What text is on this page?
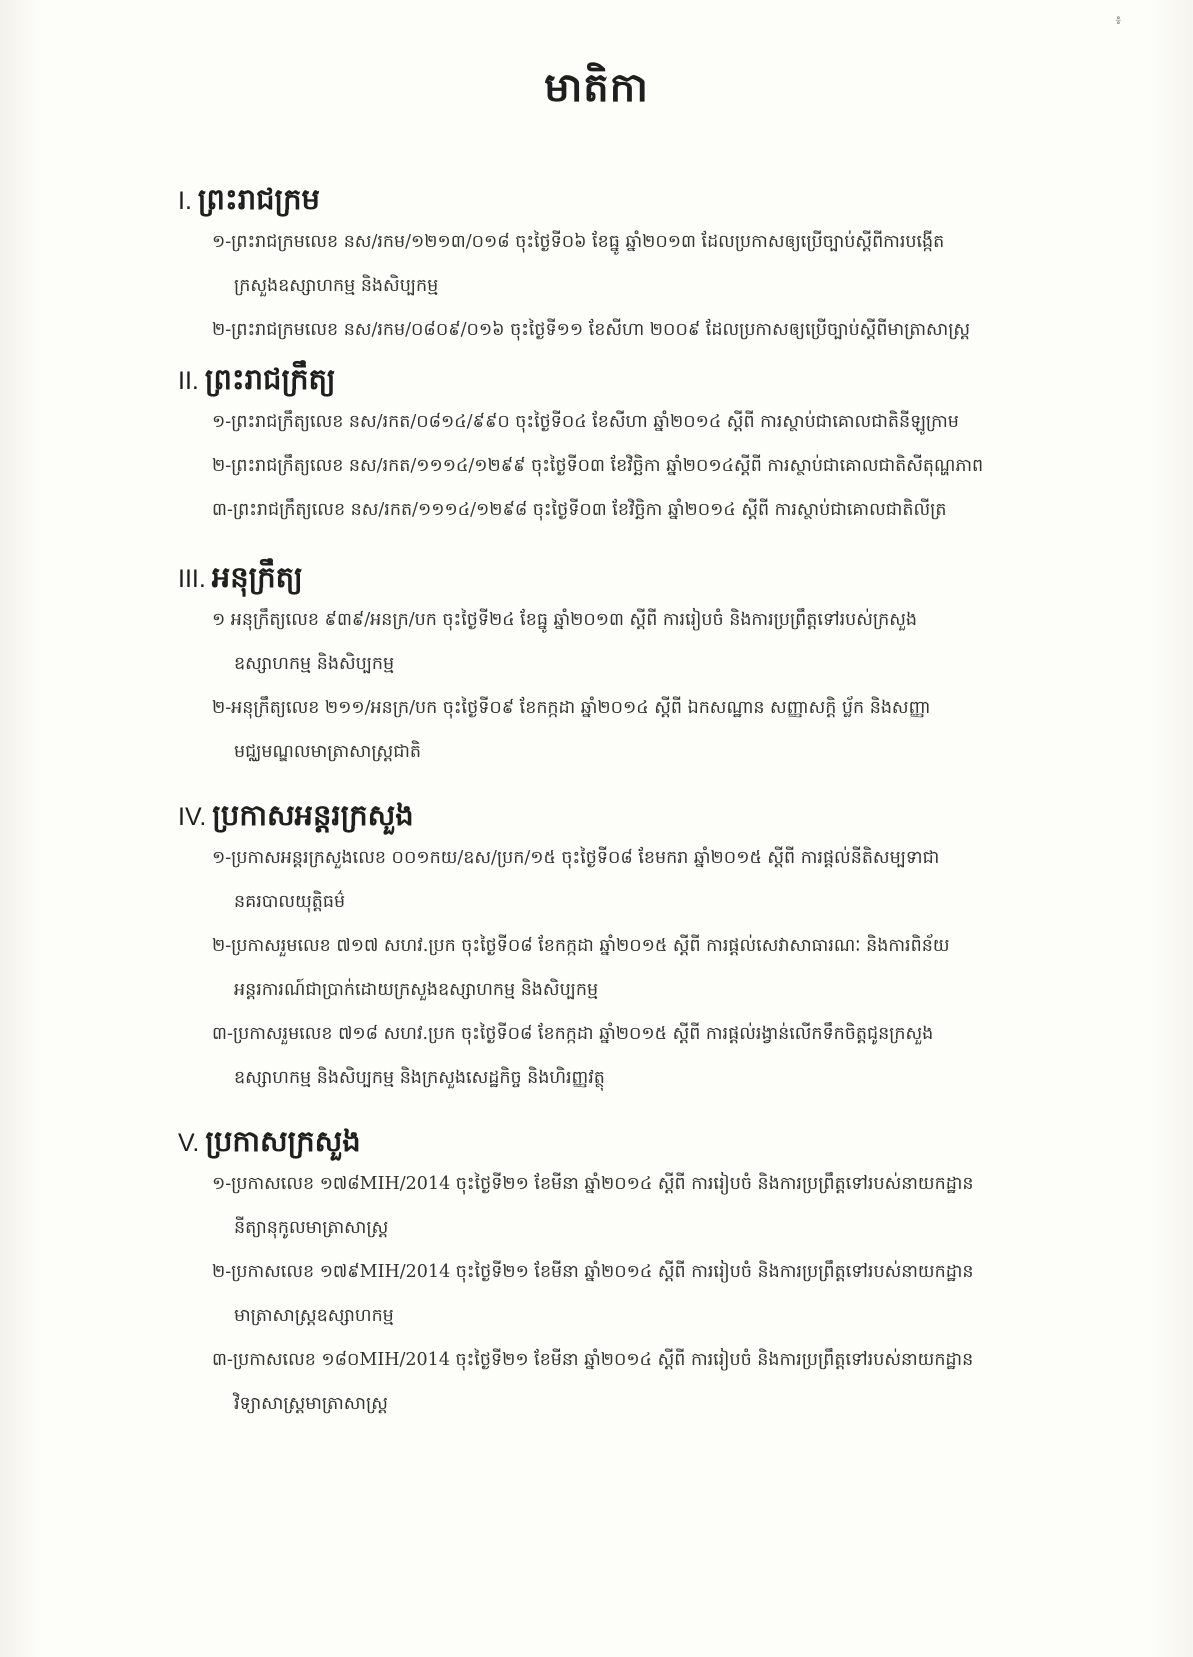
៖
មាតិកា
I. ព្រះរាជក្រម
១-ព្រះរាជក្រមលេខ នស/រកម/១២១៣/០១៨ ចុះថ្ងៃទី០៦ ខែធ្នូ ឆ្នាំ២០១៣ ដែលប្រកាសឲ្យប្រើច្បាប់ស្ដីពីការបង្កើត
ក្រសួងឧស្សាហកម្ម និងសិប្បកម្ម
២-ព្រះរាជក្រមលេខ នស/រកម/០៨០៩/០១៦ ចុះថ្ងៃទី១១ ខែសីហា ២០០៩ ដែលប្រកាសឲ្យប្រើច្បាប់ស្ដីពីមាត្រាសាស្ត្រ
II. ព្រះរាជក្រឹត្យ
១-ព្រះរាជក្រឹត្យលេខ នស/រកត/០៨១៤/៩៩០ ចុះថ្ងៃទី០៤ ខែសីហា ឆ្នាំ២០១៤ ស្ដីពី ការស្ថាប់ជាគោលជាតិនីឡូក្រាម
២-ព្រះរាជក្រឹត្យលេខ នស/រកត/១១១៤/១២៩៩ ចុះថ្ងៃទី០៣ ខែវិច្ឆិកា ឆ្នាំ២០១៤ស្ដីពី ការស្ថាប់ជាគោលជាតិសីតុណ្ហភាព
៣-ព្រះរាជក្រឹត្យលេខ នស/រកត/១១១៤/១២៩៨ ចុះថ្ងៃទី០៣ ខែវិច្ឆិកា ឆ្នាំ២០១៤ ស្ដីពី ការស្ថាប់ជាគោលជាតិលីត្រ
III. អនុក្រឹត្យ
១ អនុក្រឹត្យលេខ ៩៣៩/អនក្រ/បក ចុះថ្ងៃទី២៤ ខែធ្នូ ឆ្នាំ២០១៣ ស្ដីពី ការរៀបចំ និងការប្រព្រឹត្តទៅរបស់ក្រសួង
ឧស្សាហកម្ម និងសិប្បកម្ម
២-អនុក្រឹត្យលេខ ២១១/អនក្រ/បក ចុះថ្ងៃទី០៩ ខែកក្កដា ឆ្នាំ២០១៤ ស្ដីពី ឯកសណ្ឋាន សញ្ញាសក្តិ ប្ល័ក និងសញ្ញា
មជ្ឈមណ្ឌលមាត្រាសាស្ត្រជាតិ
IV. ប្រកាសអន្តរក្រសួង
១-ប្រកាសអន្តរក្រសួងលេខ ០០១កយ/ឧស/ប្រក/១៥ ចុះថ្ងៃទី០៨ ខែមករា ឆ្នាំ២០១៥ ស្ដីពី ការផ្ដល់នីតិសម្បទាជា
នគរបាលយុត្តិធម៌
២-ប្រកាសរួមលេខ ៧១៧ សហវ.ប្រក ចុះថ្ងៃទី០៨ ខែកក្កដា ឆ្នាំ២០១៥ ស្ដីពី ការផ្ដល់សេវាសាធារណៈ និងការពិន័យ
អន្តរការណ៍ជាប្រាក់ដោយក្រសួងឧស្សាហកម្ម និងសិប្បកម្ម
៣-ប្រកាសរួមលេខ ៧១៨ សហវ.ប្រក ចុះថ្ងៃទី០៨ ខែកក្កដា ឆ្នាំ២០១៥ ស្ដីពី ការផ្ដល់រង្វាន់លើកទឹកចិត្តជូនក្រសួង
ឧស្សាហកម្ម និងសិប្បកម្ម និងក្រសួងសេដ្ឋកិច្ច និងហិរញ្ញវត្ថុ
V. ប្រកាសក្រសួង
១-ប្រកាសលេខ ១៧៨MIH/2014 ចុះថ្ងៃទី២១ ខែមីនា ឆ្នាំ២០១៤ ស្ដីពី ការរៀបចំ និងការប្រព្រឹត្តទៅរបស់នាយកដ្ឋាន
នីត្យានុកូលមាត្រាសាស្ត្រ
២-ប្រកាសលេខ ១៧៩MIH/2014 ចុះថ្ងៃទី២១ ខែមីនា ឆ្នាំ២០១៤ ស្ដីពី ការរៀបចំ និងការប្រព្រឹត្តទៅរបស់នាយកដ្ឋាន
មាត្រាសាស្ត្រឧស្សាហកម្ម
៣-ប្រកាសលេខ ១៨០MIH/2014 ចុះថ្ងៃទី២១ ខែមីនា ឆ្នាំ២០១៤ ស្ដីពី ការរៀបចំ និងការប្រព្រឹត្តទៅរបស់នាយកដ្ឋាន
វិទ្យាសាស្ត្រមាត្រាសាស្ត្រ
